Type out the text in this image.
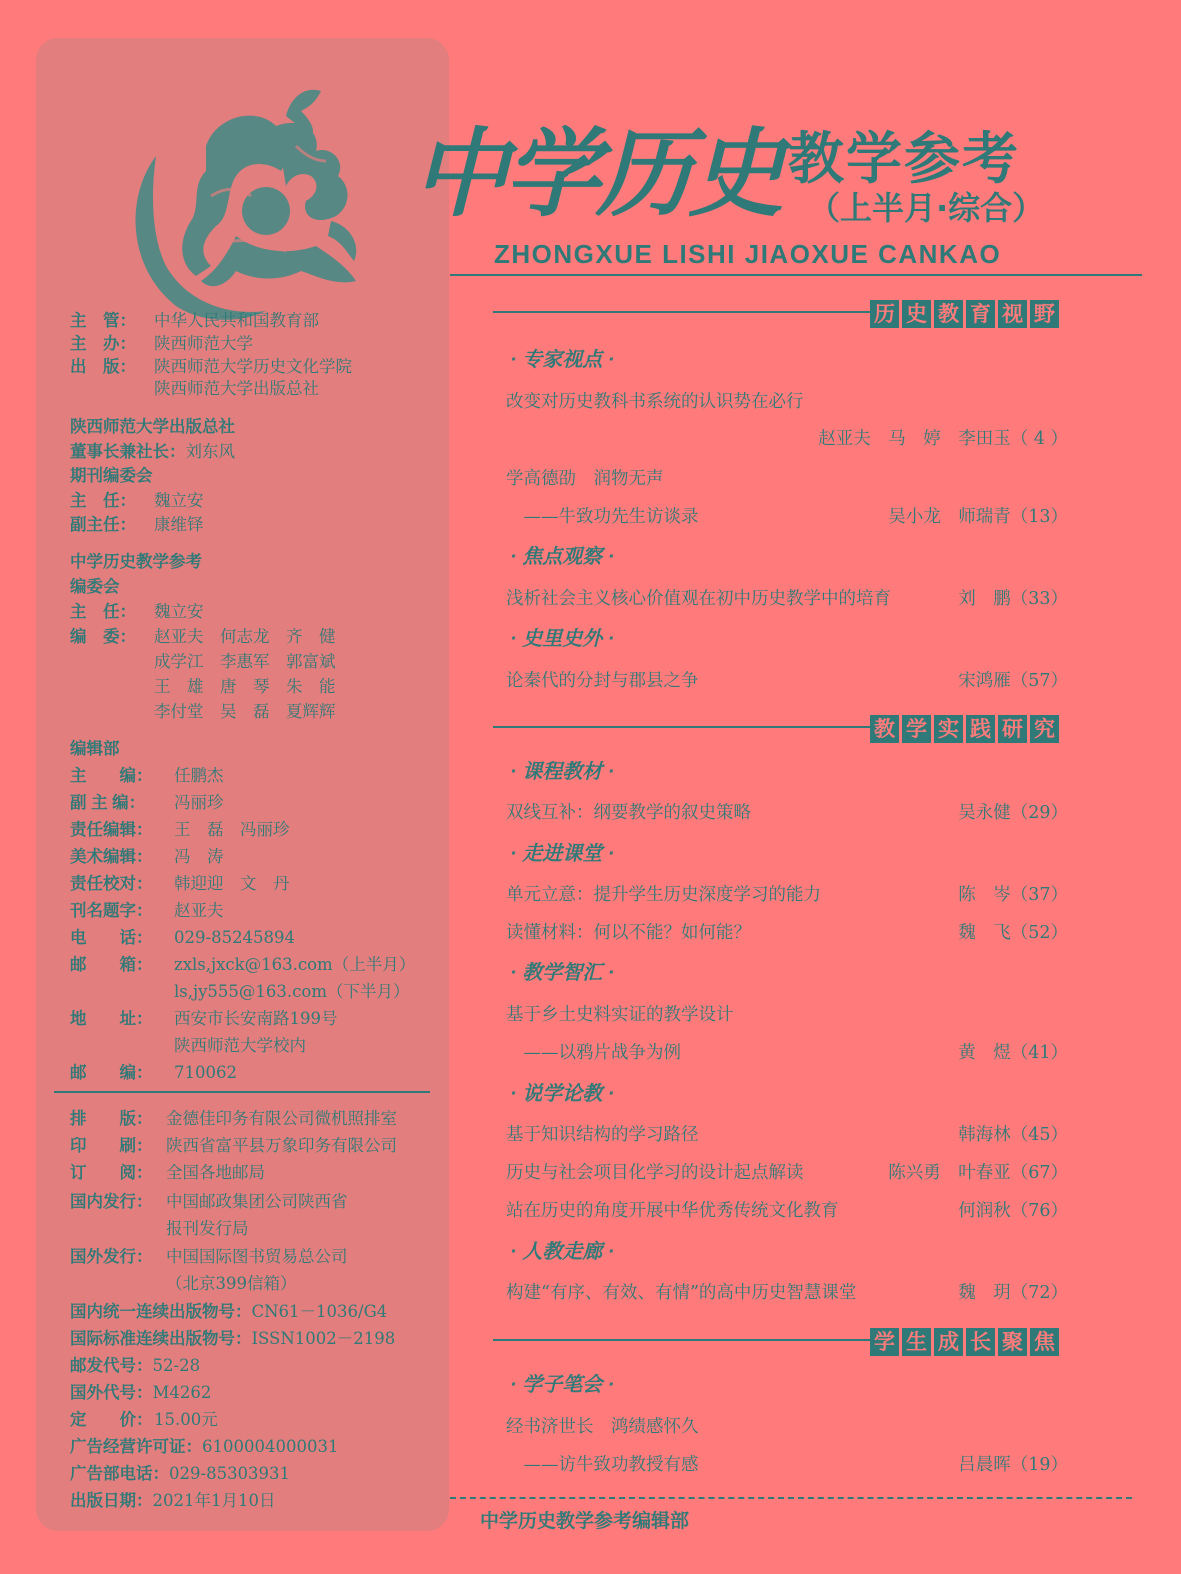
主　管： 中华人民共和国教育部
主　办： 陕西师范大学
出　版： 陕西师范大学历史文化学院
陕西师范大学出版总社
陕西师范大学出版总社
董事长兼社长：刘东风
期刊编委会
主　任： 魏立安
副主任： 康维铎
中学历史教学参考
编委会
主　任： 魏立安
编　委： 赵亚夫　何志龙　齐　健
成学江　李惠军　郭富斌
王　雄　唐　琴　朱　能
李付堂　吴　磊　夏辉辉
编辑部
主　　编： 任鹏杰
副 主 编： 冯丽珍
责任编辑： 王　磊　冯丽珍
美术编辑： 冯　涛
责任校对： 韩迎迎　文　丹
刊名题字： 赵亚夫
电　　话： 029-85245894
邮　　箱： zxls,jxck@163.com（上半月）
ls,jy555@163.com（下半月）
地　　址： 西安市长安南路199号
陕西师范大学校内
邮　　编： 710062
排　　版： 金德佳印务有限公司微机照排室
印　　刷： 陕西省富平县万象印务有限公司
订　　阅： 全国各地邮局
国内发行： 中国邮政集团公司陕西省
报刊发行局
国外发行： 中国国际图书贸易总公司
（北京399信箱）
国内统一连续出版物号：CN61－1036/G4
国际标准连续出版物号：ISSN1002－2198
邮发代号：52-28
国外代号：M4262
定　　价：15.00元
广告经营许可证：6100004000031
广告部电话：029-85303931
出版日期：2021年1月10日
中学历史 教学参考
（上半月·综合）
ZHONGXUE LISHI JIAOXUE CANKAO
历 史 教 育 视 野
· 专家视点 ·
改变对历史教科书系统的认识势在必行
赵亚夫　马　婷　李田玉（ 4 ）
学高德劭　润物无声
　——牛致功先生访谈录	吴小龙　师瑞青（13）
· 焦点观察 ·
浅析社会主义核心价值观在初中历史教学中的培育	刘　鹏（33）
· 史里史外 ·
论秦代的分封与郡县之争	宋鸿雁（57）
教 学 实 践 研 究
· 课程教材 ·
双线互补：纲要教学的叙史策略	吴永健（29）
· 走进课堂 ·
单元立意：提升学生历史深度学习的能力	陈　岑（37）
读懂材料：何以不能？如何能？	魏　飞（52）
· 教学智汇 ·
基于乡土史料实证的教学设计
　——以鸦片战争为例	黄　煜（41）
· 说学论教 ·
基于知识结构的学习路径	韩海林（45）
历史与社会项目化学习的设计起点解读	陈兴勇　叶春亚（67）
站在历史的角度开展中华优秀传统文化教育	何润秋（76）
· 人教走廊 ·
构建“有序、有效、有情”的高中历史智慧课堂	魏　玥（72）
学 生 成 长 聚 焦
· 学子笔会 ·
经书济世长　鸿绩感怀久
　——访牛致功教授有感	吕晨晖（19）
中学历史教学参考编辑部
